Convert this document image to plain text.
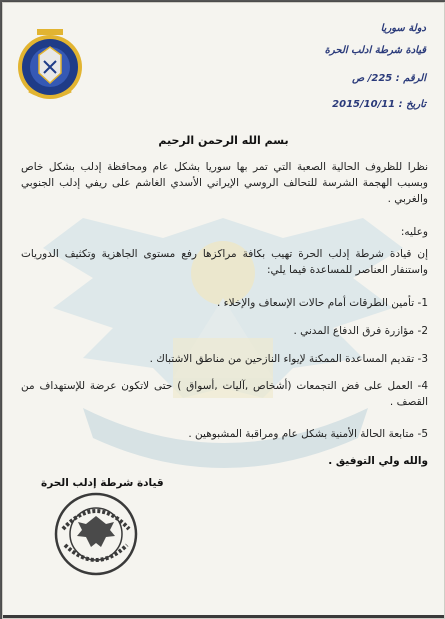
دولة سوريا
قيادة شرطة ادلب الحرة
الرقم : 225/ ص
تاريخ : 2015/10/11
بسم الله الرحمن الرحيم
نظرا للظروف الحالية الصعبة التي تمر بها سوريا بشكل عام ومحافظة إدلب بشكل خاص وبسبب الهجمة الشرسة للتحالف الروسي الإيراني الأسدي الغاشم على ريفي إدلب الجنوبي والغربي .
وعليه:
إن قيادة شرطة إدلب الحرة تهيب بكافة مراكزها رفع مستوى الجاهزية وتكثيف الدوريات واستنفار العناصر للمساعدة فيما يلي:
1- تأمين الطرقات أمام حالات الإسعاف والإخلاء .
2- مؤازرة فرق الدفاع المدني .
3- تقديم المساعدة الممكنة لإيواء النازحين من مناطق الاشتباك .
4- العمل على فض التجمعات (أشخاص ,آليات ,أسواق ) حتى لاتكون عرضة للإستهداف من القصف .
5- متابعة الحالة الأمنية بشكل عام ومراقبة المشبوهين .
والله ولي التوفيق .
قيادة شرطة إدلب الحرة
